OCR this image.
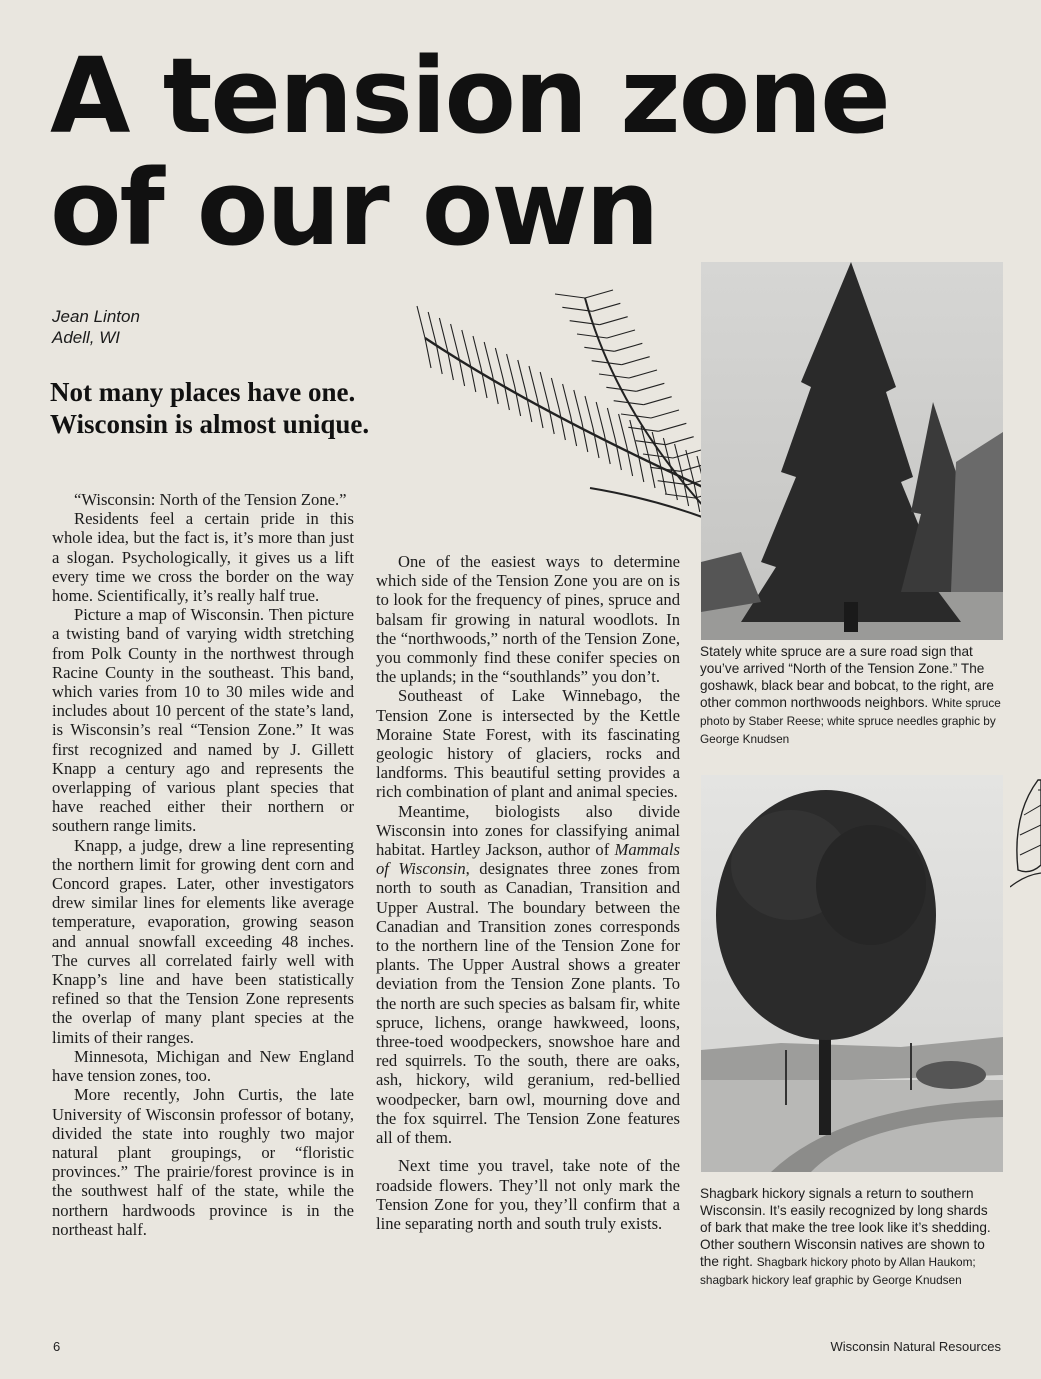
A tension zone of our own
Jean Linton
Adell, WI
Not many places have one.
Wisconsin is almost unique.
Stately white spruce are a sure road sign that you’ve arrived “North of the Tension Zone.” The goshawk, black bear and bobcat, to the right, are other common northwoods neighbors. White spruce photo by Staber Reese; white spruce needles graphic by George Knudsen
Shagbark hickory signals a return to southern Wisconsin. It’s easily recognized by long shards of bark that make the tree look like it’s shedding. Other southern Wisconsin natives are shown to the right. Shagbark hickory photo by Allan Haukom; shagbark hickory leaf graphic by George Knudsen

“Wisconsin: North of the Tension Zone.”

Residents feel a certain pride in this whole idea, but the fact is, it’s more than just a slogan. Psychologically, it gives us a lift every time we cross the border on the way home. Scientifically, it’s really half true.

Picture a map of Wisconsin. Then picture a twisting band of varying width stretching from Polk County in the northwest through Racine County in the southeast. This band, which varies from 10 to 30 miles wide and includes about 10 percent of the state’s land, is Wisconsin’s real “Tension Zone.” It was first recognized and named by J. Gillett Knapp a century ago and represents the overlapping of various plant species that have reached either their northern or southern range limits.

Knapp, a judge, drew a line representing the northern limit for growing dent corn and Concord grapes. Later, other investigators drew similar lines for elements like average temperature, evaporation, growing season and annual snowfall exceeding 48 inches. The curves all correlated fairly well with Knapp’s line and have been statistically refined so that the Tension Zone represents the overlap of many plant species at the limits of their ranges.

Minnesota, Michigan and New England have tension zones, too.

More recently, John Curtis, the late University of Wisconsin professor of botany, divided the state into roughly two major natural plant groupings, or “floristic provinces.” The prairie/forest province is in the southwest half of the state, while the northern hardwoods province is in the northeast half.

One of the easiest ways to determine which side of the Tension Zone you are on is to look for the frequency of pines, spruce and balsam fir growing in natural woodlots. In the “northwoods,” north of the Tension Zone, you commonly find these conifer species on the uplands; in the “southlands” you don’t.

Southeast of Lake Winnebago, the Tension Zone is intersected by the Kettle Moraine State Forest, with its fascinating geologic history of glaciers, rocks and landforms. This beautiful setting provides a rich combination of plant and animal species.

Meantime, biologists also divide Wisconsin into zones for classifying animal habitat. Hartley Jackson, author of Mammals of Wisconsin, designates three zones from north to south as Canadian, Transition and Upper Austral. The boundary between the Canadian and Transition zones corresponds to the northern line of the Tension Zone for plants. The Upper Austral shows a greater deviation from the Tension Zone plants. To the north are such species as balsam fir, white spruce, lichens, orange hawkweed, loons, three-toed woodpeckers, snowshoe hare and red squirrels. To the south, there are oaks, ash, hickory, wild geranium, red-bellied woodpecker, barn owl, mourning dove and the fox squirrel. The Tension Zone features all of them.

Next time you travel, take note of the roadside flowers. They’ll not only mark the Tension Zone for you, they’ll confirm that a line separating north and south truly exists.

6	Wisconsin Natural Resources
